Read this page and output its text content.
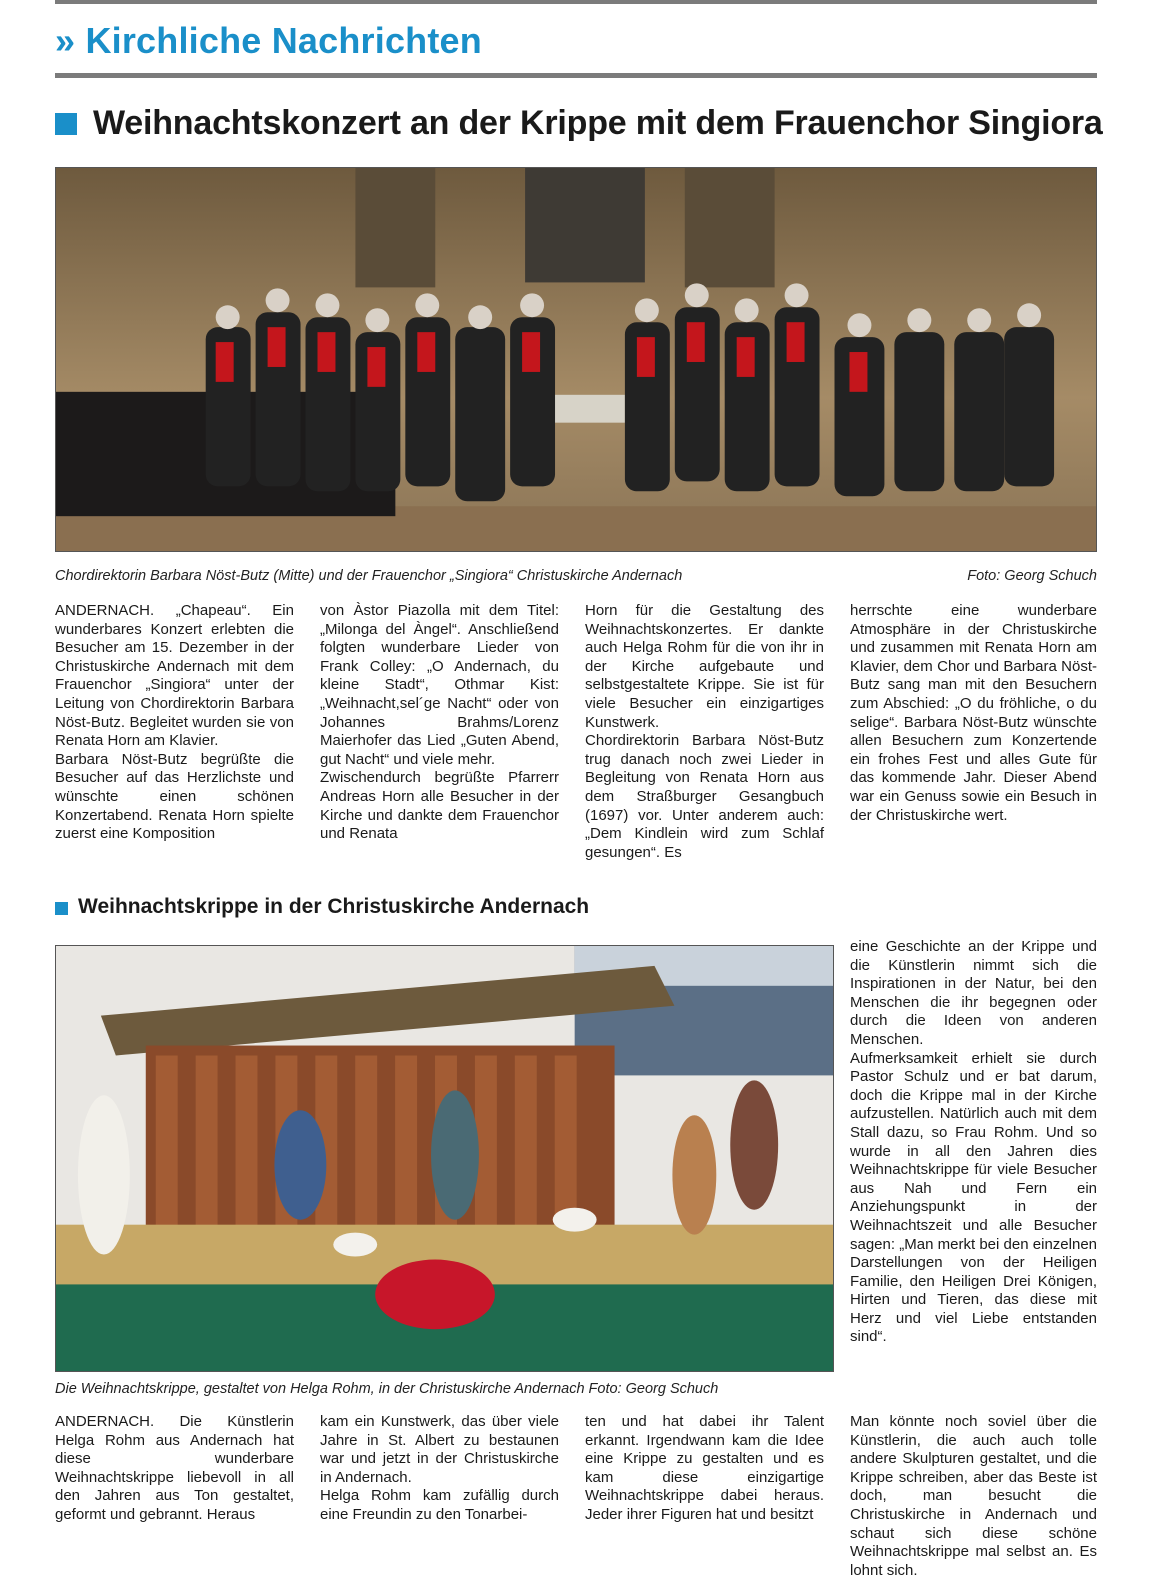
» Kirchliche Nachrichten
Weihnachtskonzert an der Krippe mit dem Frauenchor Singiora
Chordirektorin Barbara Nöst-Butz (Mitte) und der Frauenchor „Singiora“ Christuskirche Andernach	Foto: Georg Schuch

ANDERNACH. „Chapeau“. Ein wunderbares Konzert erlebten die Besucher am 15. Dezember in der Christuskirche Andernach mit dem Frauenchor „Singiora“ unter der Leitung von Chordirektorin Barbara Nöst-Butz. Begleitet wurden sie von Renata Horn am Klavier.

Barbara Nöst-Butz begrüßte die Besucher auf das Herzlichste und wünschte einen schönen Konzertabend. Renata Horn spielte zuerst eine Komposition

von Àstor Piazolla mit dem Titel: „Milonga del Àngel“. Anschließend folgten wunderbare Lieder von Frank Colley: „O Andernach, du kleine Stadt“, Othmar Kist: „Weihnacht,sel´ge Nacht“ oder von Johannes Brahms/Lorenz Maierhofer das Lied „Guten Abend, gut Nacht“ und viele mehr.

Zwischendurch begrüßte Pfarrerr Andreas Horn alle Besucher in der Kirche und dankte dem Frauenchor und Renata

Horn für die Gestaltung des Weihnachtskonzertes. Er dankte auch Helga Rohm für die von ihr in der Kirche aufgebaute und selbstgestaltete Krippe. Sie ist für viele Besucher ein einzigartiges Kunstwerk.

Chordirektorin Barbara Nöst-Butz trug danach noch zwei Lieder in Begleitung von Renata Horn aus dem Straßburger Gesangbuch (1697) vor. Unter anderem auch: „Dem Kindlein wird zum Schlaf gesungen“. Es

herrschte eine wunderbare Atmosphäre in der Christuskirche und zusammen mit Renata Horn am Klavier, dem Chor und Barbara Nöst-Butz sang man mit den Besuchern zum Abschied: „O du fröhliche, o du selige“. Barbara Nöst-Butz wünschte allen Besuchern zum Konzertende ein frohes Fest und alles Gute für das kommende Jahr. Dieser Abend war ein Genuss sowie ein Besuch in der Christuskirche wert.

Weihnachtskrippe in der Christuskirche Andernach
Die Weihnachtskrippe, gestaltet von Helga Rohm, in der Christuskirche Andernach Foto: Georg Schuch

eine Geschichte an der Krippe und die Künstlerin nimmt sich die Inspirationen in der Natur, bei den Menschen die ihr begegnen oder durch die Ideen von anderen Menschen.

Aufmerksamkeit erhielt sie durch Pastor Schulz und er bat darum, doch die Krippe mal in der Kirche aufzustellen. Natürlich auch mit dem Stall dazu, so Frau Rohm. Und so wurde in all den Jahren dies Weihnachtskrippe für viele Besucher aus Nah und Fern ein Anziehungspunkt in der Weihnachtszeit und alle Besucher sagen: „Man merkt bei den einzelnen Darstellungen von der Heiligen Familie, den Heiligen Drei Königen, Hirten und Tieren, das diese mit Herz und viel Liebe entstanden sind“.

ANDERNACH. Die Künstlerin Helga Rohm aus Andernach hat diese wunderbare Weihnachtskrippe liebevoll in all den Jahren aus Ton gestaltet, geformt und gebrannt. Heraus

kam ein Kunstwerk, das über viele Jahre in St. Albert zu bestaunen war und jetzt in der Christuskirche in Andernach.

Helga Rohm kam zufällig durch eine Freundin zu den Tonarbei-

ten und hat dabei ihr Talent erkannt. Irgendwann kam die Idee eine Krippe zu gestalten und es kam diese einzigartige Weihnachtskrippe dabei heraus. Jeder ihrer Figuren hat und besitzt

Man könnte noch soviel über die Künstlerin, die auch auch tolle andere Skulpturen gestaltet, und die Krippe schreiben, aber das Beste ist doch, man besucht die Christuskirche in Andernach und schaut sich diese schöne Weihnachtskrippe mal selbst an. Es lohnt sich.
